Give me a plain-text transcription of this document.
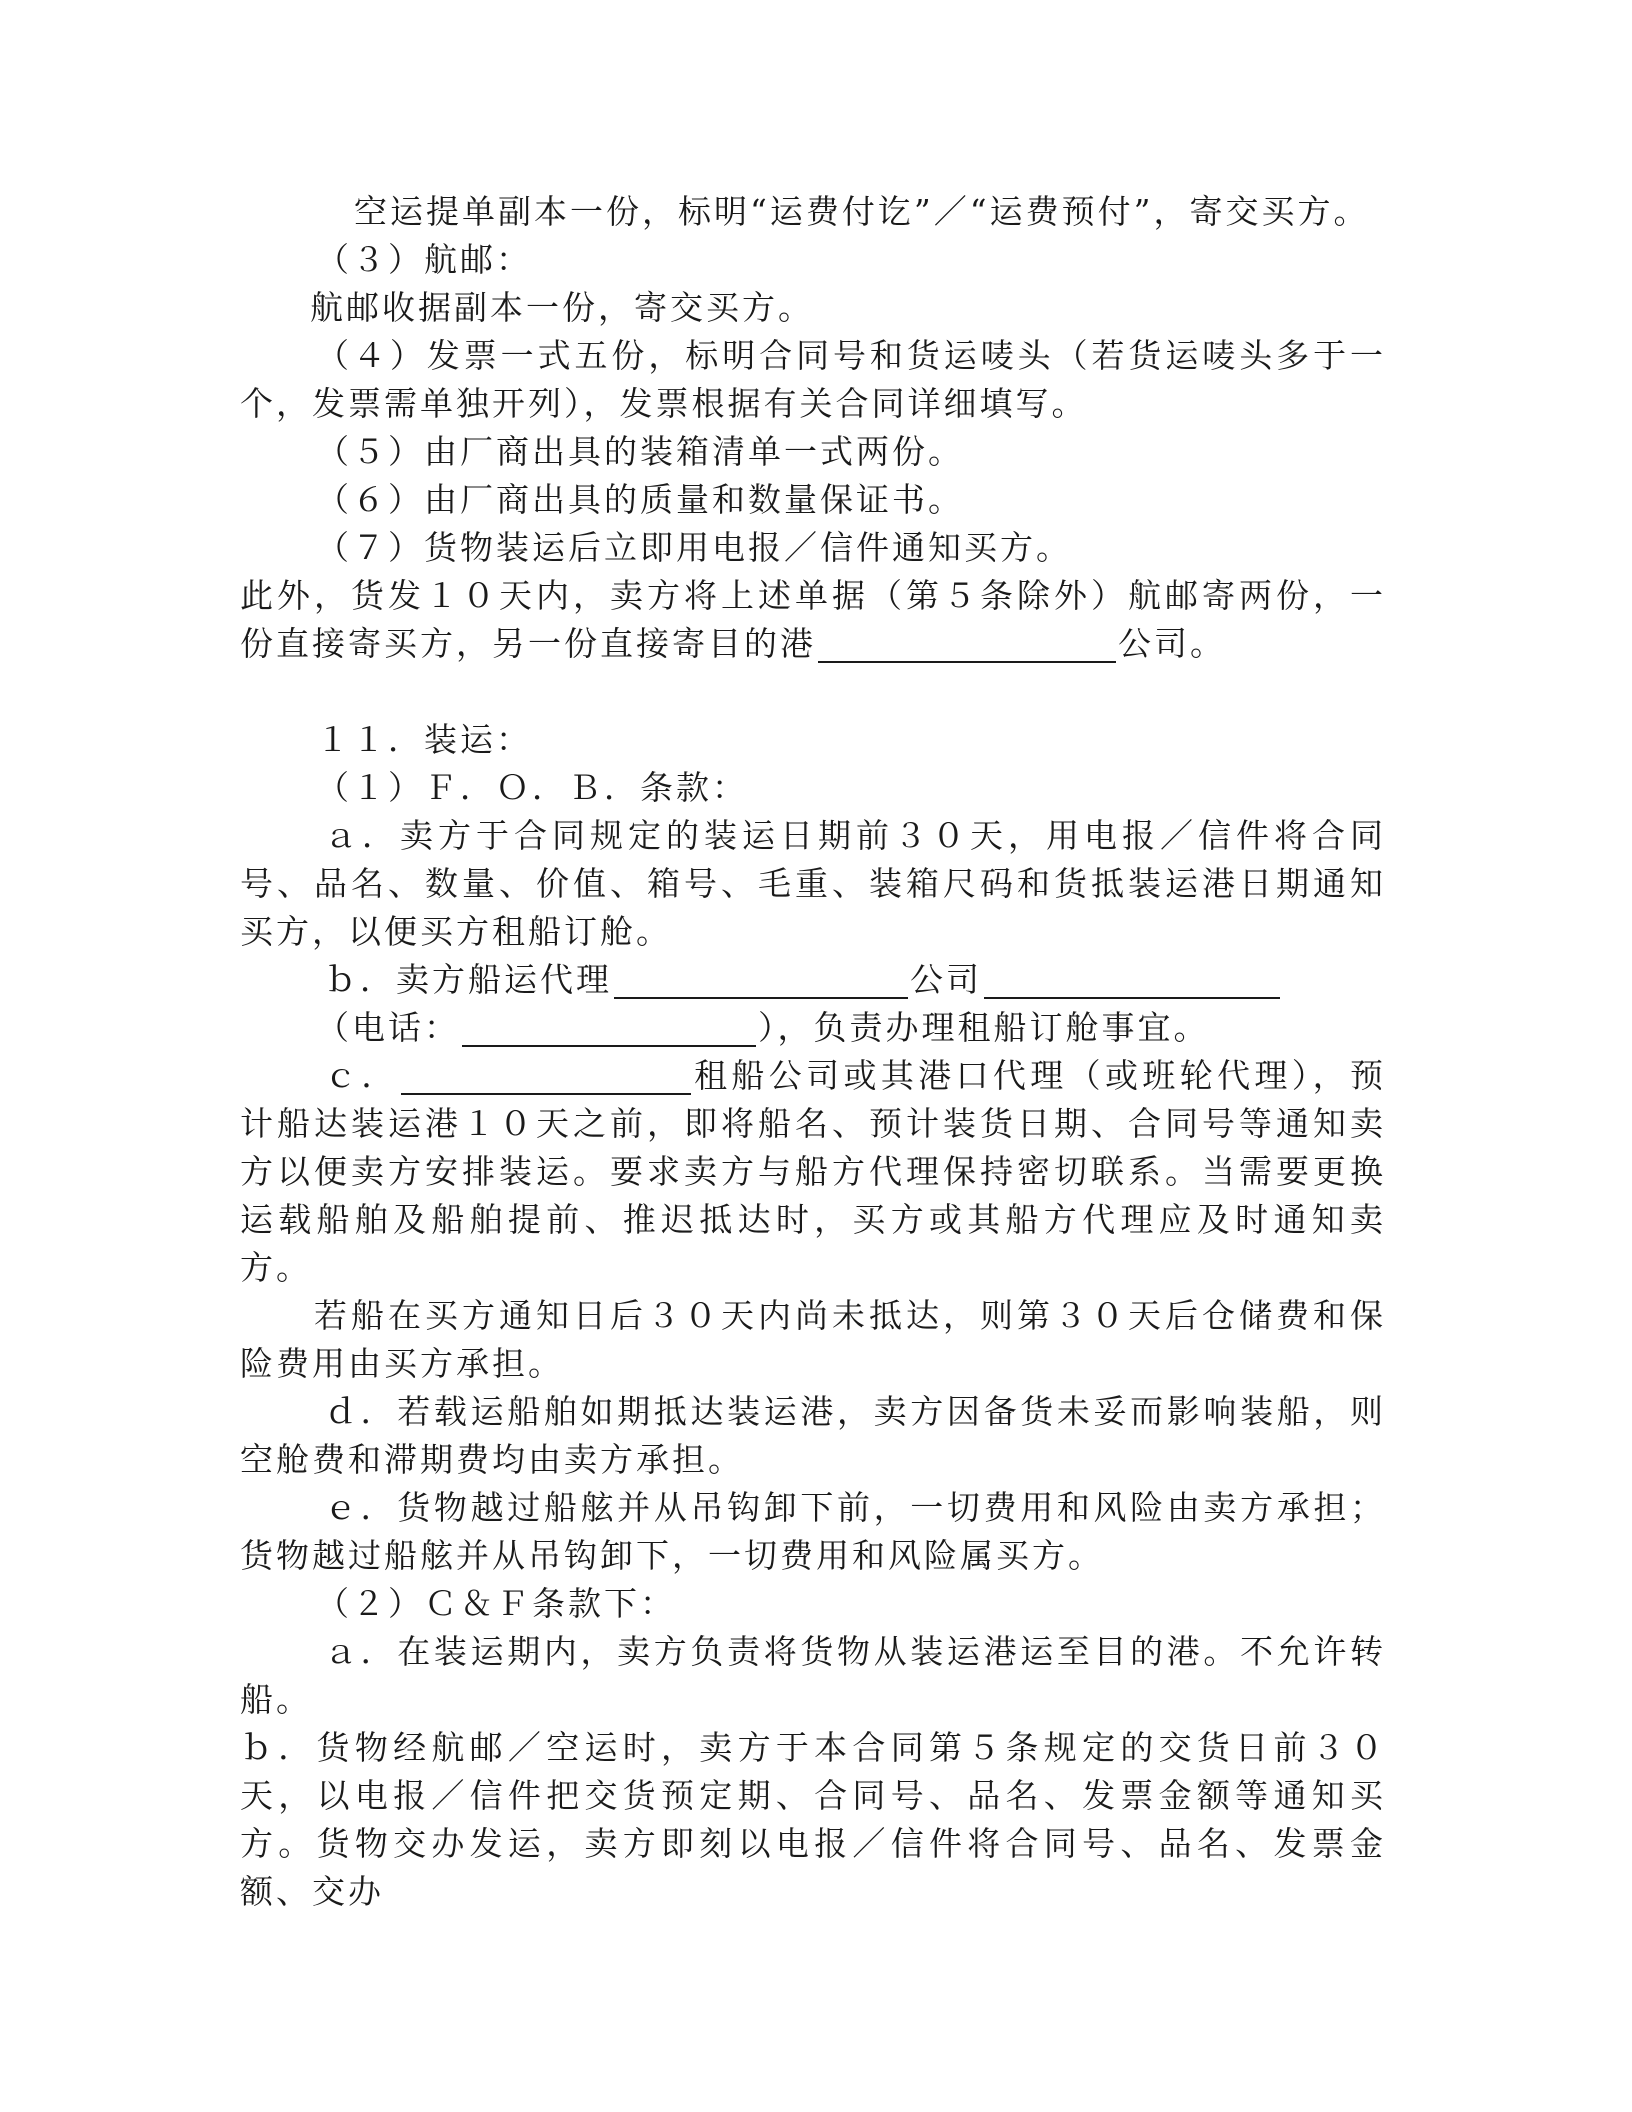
空运提单副本一份，标明“运费付讫”／“运费预付”，寄交买方。

（３）航邮：

航邮收据副本一份，寄交买方。

（４）发票一式五份，标明合同号和货运唛头（若货运唛头多于一个，发票需单独开列），发票根据有关合同详细填写。

（５）由厂商出具的装箱清单一式两份。

（６）由厂商出具的质量和数量保证书。

（７）货物装运后立即用电报／信件通知买方。

此外，货发１０天内，卖方将上述单据（第５条除外）航邮寄两份，一份直接寄买方，另一份直接寄目的港	公司。

１１．装运：

（１）Ｆ．Ｏ．Ｂ．条款：

ａ．卖方于合同规定的装运日期前３０天，用电报／信件将合同号、品名、数量、价值、箱号、毛重、装箱尺码和货抵装运港日期通知买方，以便买方租船订舱。

ｂ．卖方船运代理	公司

（电话：	），负责办理租船订舱事宜。

ｃ．	租船公司或其港口代理（或班轮代理），预计船达装运港１０天之前，即将船名、预计装货日期、合同号等通知卖方以便卖方安排装运。要求卖方与船方代理保持密切联系。当需要更换运载船舶及船舶提前、推迟抵达时，买方或其船方代理应及时通知卖方。

若船在买方通知日后３０天内尚未抵达，则第３０天后仓储费和保险费用由买方承担。

ｄ．若载运船舶如期抵达装运港，卖方因备货未妥而影响装船，则空舱费和滞期费均由卖方承担。

ｅ．货物越过船舷并从吊钩卸下前，一切费用和风险由卖方承担；货物越过船舷并从吊钩卸下，一切费用和风险属买方。

（２）Ｃ＆Ｆ条款下：

ａ．在装运期内，卖方负责将货物从装运港运至目的港。不允许转船。

ｂ．货物经航邮／空运时，卖方于本合同第５条规定的交货日前３０天，以电报／信件把交货预定期、合同号、品名、发票金额等通知买方。货物交办发运，卖方即刻以电报／信件将合同号、品名、发票金额、交办
